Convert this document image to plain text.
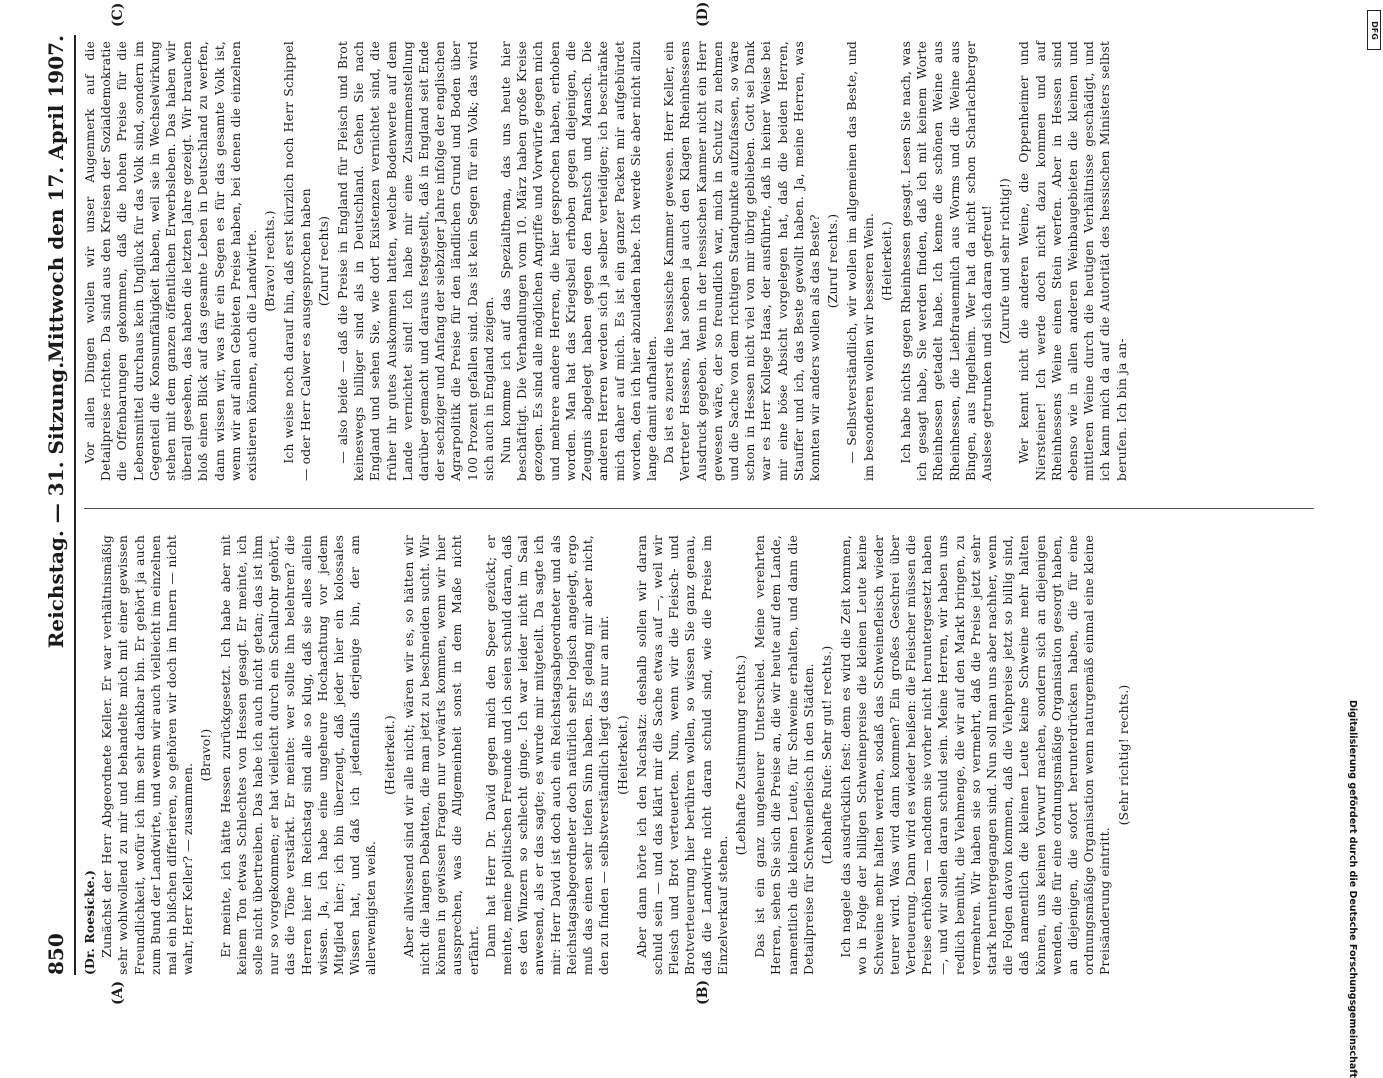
850
Reichstag. — 31. Sitzung.
Mittwoch den 17. April 1907.
(A)	(B)
(C)	(D)

(Dr. Roesicke.) Zunächst der Herr Abgeordnete Keller. Er war verhältnismäßig sehr wohlwollend zu mir und behandelte mich mit einer gewissen Freundlichkeit, wofür ich ihm sehr dankbar bin. Er gehört ja auch zum Bund der Landwirte, und wenn wir auch vielleicht im einzelnen mal ein bißchen differieren, so gehören wir doch im Innern — nicht wahr, Herr Keller? — zusammen.

(Bravo!) Er meinte, ich hätte Hessen zurückgesetzt. Ich habe aber mit keinem Ton etwas Schlechtes von Hessen gesagt. Er meinte, ich solle nicht übertreiben. Das habe ich auch nicht getan; das ist ihm nur so vorgekommen; er hat vielleicht durch ein Schallrohr gehört, das die Töne verstärkt. Er meinte: wer sollte ihn belehren? die Herren hier im Reichstag sind alle so klug, daß sie alles allein wissen. Ja, ich habe eine ungeheure Hochachtung vor jedem Mitglied hier; ich bin überzeugt, daß jeder hier ein kolossales Wissen hat, und daß ich jedenfalls derjenige bin, der am allerwenigsten weiß.

(Heiterkeit.) Aber allwissend sind wir alle nicht; wären wir es, so hätten wir nicht die langen Debatten, die man jetzt zu beschneiden sucht. Wir können in gewissen Fragen nur vorwärts kommen, wenn wir hier aussprechen, was die Allgemeinheit sonst in dem Maße nicht erfährt. Dann hat Herr Dr. David gegen mich den Speer gezückt; er meinte, meine politischen Freunde und ich seien schuld daran, daß es den Winzern so schlecht ginge. Ich war leider nicht im Saal anwesend, als er das sagte; es wurde mir mitgeteilt. Da sagte ich mir: Herr David ist doch auch ein Reichstagsabgeordneter und als Reichstagsabgeordneter doch natürlich sehr logisch angelegt, ergo muß das einen sehr tiefen Sinn haben. Es gelang mir aber nicht, den zu finden — selbstverständlich liegt das nur an mir. (Heiterkeit.) Aber dann hörte ich den Nachsatz: deshalb sollen wir daran schuld sein — und das klärt mir die Sache etwas auf —, weil wir Fleisch und Brot verteuerten. Nun, wenn wir die Fleisch- und Brotverteuerung hier berühren wollen, so wissen Sie ganz genau, daß die Landwirte nicht daran schuld sind, wie die Preise im Einzelverkauf stehen.

(Lebhafte Zustimmung rechts.) Das ist ein ganz ungeheurer Unterschied. Meine verehrten Herren, sehen Sie sich die Preise an, die wir heute auf dem Lande, namentlich die kleinen Leute, für Schweine erhalten, und dann die Detailpreise für Schweinefleisch in den Städten. (Lebhafte Rufe: Sehr gut! rechts.) Ich nagele das ausdrücklich fest: denn es wird die Zeit kommen, wo in Folge der billigen Schweinepreise die kleinen Leute keine Schweine mehr halten werden, sodaß das Schweinefleisch wieder teurer wird. Was wird dann kommen? Ein großes Geschrei über Verteuerung. Dann wird es wieder heißen: die Fleischer müssen die Preise erhöhen — nachdem sie vorher nicht heruntergesetzt haben —, und wir sollen daran schuld sein. Meine Herren, wir haben uns redlich bemüht, die Viehmenge, die wir auf den Markt bringen, zu vermehren. Wir haben sie so vermehrt, daß die Preise jetzt sehr stark heruntergegangen sind. Nun soll man uns aber nachher, wenn die Folgen davon kommen, daß die Viehpreise jetzt so billig sind, daß namentlich die kleinen Leute keine Schweine mehr halten können, uns keinen Vorwurf machen, sondern sich an diejenigen wenden, die für eine ordnungsmäßige Organisation gesorgt haben, an diejenigen, die sofort herunterdrücken haben, die für eine ordnungsmäßige Organisation wenn naturgemäß einmal eine kleine Preisänderung eintritt.

(Sehr richtig! rechts.)

Vor allen Dingen wollen wir unser Augenmerk auf die Detailpreise richten. Da sind aus den Kreisen der Sozialdemokratie die Offenbarungen gekommen, daß die hohen Preise für die Lebensmittel durchaus kein Unglück für das Volk sind, sondern im Gegenteil die Konsumfähigkeit haben, weil sie in Wechselwirkung stehen mit dem ganzen öffentlichen Erwerbsleben. Das haben wir überall gesehen, das haben die letzten Jahre gezeigt. Wir brauchen bloß einen Blick auf das gesamte Leben in Deutschland zu werfen, dann wissen wir, was für ein Segen es für das gesamte Volk ist, wenn wir auf allen Gebieten Preise haben, bei denen die einzelnen existieren können, auch die Landwirte. (Bravo! rechts.) Ich weise noch darauf hin, daß erst kürzlich noch Herr Schippel — oder Herr Calwer es ausgesprochen haben (Zuruf rechts) — also beide — daß die Preise in England für Fleisch und Brot keineswegs billiger sind als in Deutschland. Gehen Sie nach England und sehen Sie, wie dort Existenzen vernichtet sind, die früher ihr gutes Auskommen hatten, welche Bodenwerte auf dem Lande vernichtet sind! Ich habe mir eine Zusammenstellung darüber gemacht und daraus festgestellt, daß in England seit Ende der sechziger und Anfang der siebziger Jahre infolge der englischen Agrarpolitik die Preise für den ländlichen Grund und Boden über 100 Prozent gefallen sind. Das ist kein Segen für ein Volk; das wird sich auch in England zeigen. Nun komme ich auf das Spezialthema, das uns heute hier beschäftigt. Die Verhandlungen vom 10. März haben große Kreise gezogen. Es sind alle möglichen Angriffe und Vorwürfe gegen mich und mehrere andere Herren, die hier gesprochen haben, erhoben worden. Man hat das Kriegsbeil erhoben gegen diejenigen, die Zeugnis abgelegt haben gegen den Pantsch und Mansch. Die anderen Herren werden sich ja selber verteidigen; ich beschränke mich daher auf mich. Es ist ein ganzer Packen mir aufgebürdet worden, den ich hier abzuladen habe. Ich werde Sie aber nicht allzu lange damit aufhalten. Da ist es zuerst die hessische Kammer gewesen. Herr Keller, ein Vertreter Hessens, hat soeben ja auch den Klagen Rheinhessens Ausdruck gegeben. Wenn in der hessischen Kammer nicht ein Herr gewesen wäre, der so freundlich war, mich in Schutz zu nehmen und die Sache von dem richtigen Standpunkte aufzufassen, so wäre schon in Hessen nicht viel von mir übrig geblieben. Gott sei Dank war es Herr Kollege Haas, der ausführte, daß in keiner Weise bei mir eine böse Absicht vorgelegen hat, daß die beiden Herren, Stauffer und ich, das Beste gewollt haben. Ja, meine Herren, was konnten wir anders wollen als das Beste? (Zuruf rechts.) — Selbstverständlich, wir wollen im allgemeinen das Beste, und im besonderen wollen wir besseren Wein. (Heiterkeit.) Ich habe nichts gegen Rheinhessen gesagt. Lesen Sie nach, was ich gesagt habe, Sie werden finden, daß ich mit keinem Worte Rheinhessen getadelt habe. Ich kenne die schönen Weine aus Rheinhessen, die Liebfrauenmilch aus Worms und die Weine aus Bingen, aus Ingelheim. Wer hat da nicht schon Scharlachberger Auslese getrunken und sich daran gefreut! (Zurufe und sehr richtig!) Wer kennt nicht die anderen Weine, die Oppenheimer und Niersteiner! Ich werde doch nicht dazu kommen und auf Rheinhessens Weine einen Stein werfen. Aber in Hessen sind ebenso wie in allen anderen Weinbaugebieten die kleinen und mittleren Weine durch die heutigen Verhältnisse geschädigt, und ich kann mich da auf die Autorität des hessischen Ministers selbst berufen. Ich bin ja an-

Digitalisierung gefördert durch die Deutsche Forschungsgemeinschaft
DFG
